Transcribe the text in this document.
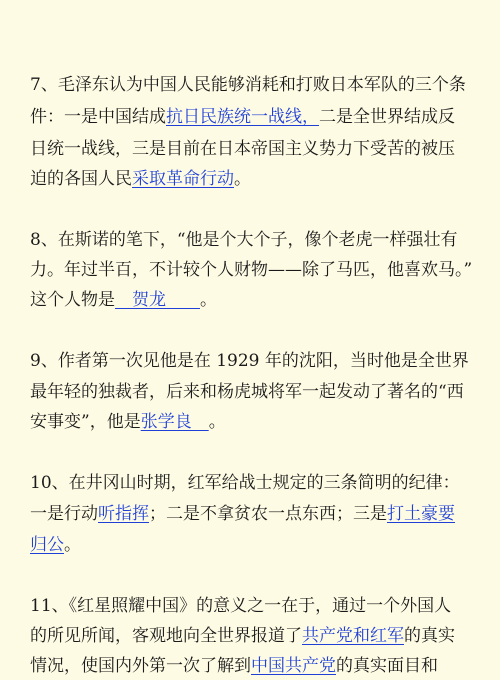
7、毛泽东认为中国人民能够消耗和打败日本军队的三个条
件：一是中国结成抗日民族统一战线，二是全世界结成反
日统一战线，三是目前在日本帝国主义势力下受苦的被压
迫的各国人民采取革命行动。
8、在斯诺的笔下，“他是个大个子，像个老虎一样强壮有
力。年过半百，不计较个人财物——除了马匹，他喜欢马。”
这个人物是　贺龙　　。
9、作者第一次见他是在 1929 年的沈阳，当时他是全世界
最年轻的独裁者，后来和杨虎城将军一起发动了著名的“西
安事变”，他是张学良　。
10、在井冈山时期，红军给战士规定的三条简明的纪律：
一是行动听指挥；二是不拿贫农一点东西；三是打土豪要
归公。
11、《红星照耀中国》的意义之一在于，通过一个外国人
的所见所闻，客观地向全世界报道了共产党和红军的真实
情况，使国内外第一次了解到中国共产党的真实面目和
